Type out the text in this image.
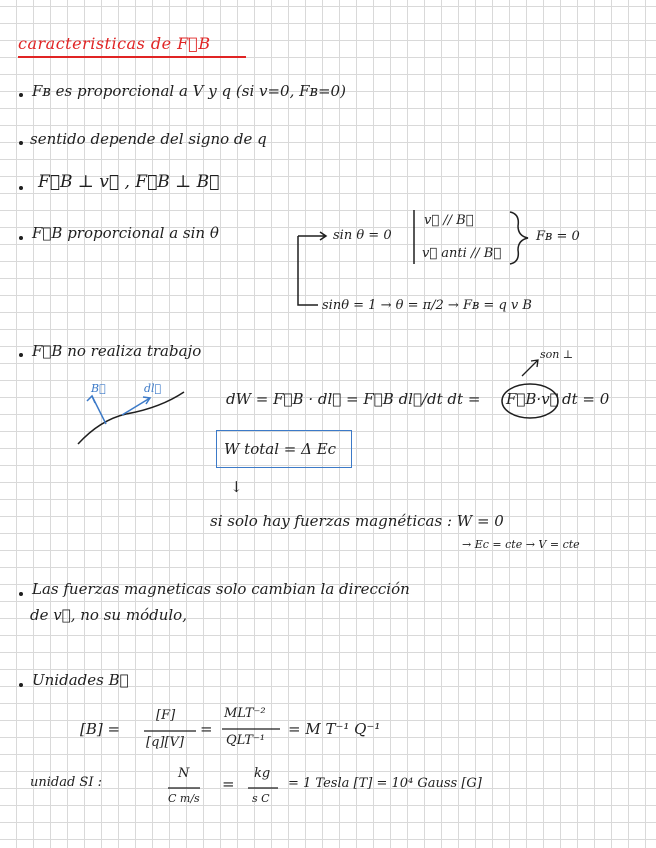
caracteristicas de F⃗B
Fʙ es proporcional a V y q (si v=0, Fʙ=0)
sentido depende del signo de q
F⃗B ⊥ v⃗ , F⃗B ⊥ B⃗
F⃗B proporcional a sin θ	sin θ = 0
v⃗ // B⃗
v⃗ anti // B⃗
Fʙ = 0
sinθ = 1 → θ = π/2 → Fʙ = q v B
F⃗B no realiza trabajo	son ⊥
dW = F⃗B · dl⃗ = F⃗B dl⃗/dt dt = F⃗B·v⃗ dt = 0
W total = Δ Ec
↓
si solo hay fuerzas magnéticas : W = 0
→ Ec = cte → V = cte
B⃗	dl⃗
Las fuerzas magneticas solo cambian la dirección
de v⃗, no su módulo,
Unidades B⃗
[B] =
[F]
[q][V]
=
MLT⁻²
QLT⁻¹
= M T⁻¹ Q⁻¹
unidad SI :
N
C m/s
=
kg
s C
= 1 Tesla [T] = 10⁴ Gauss [G]
